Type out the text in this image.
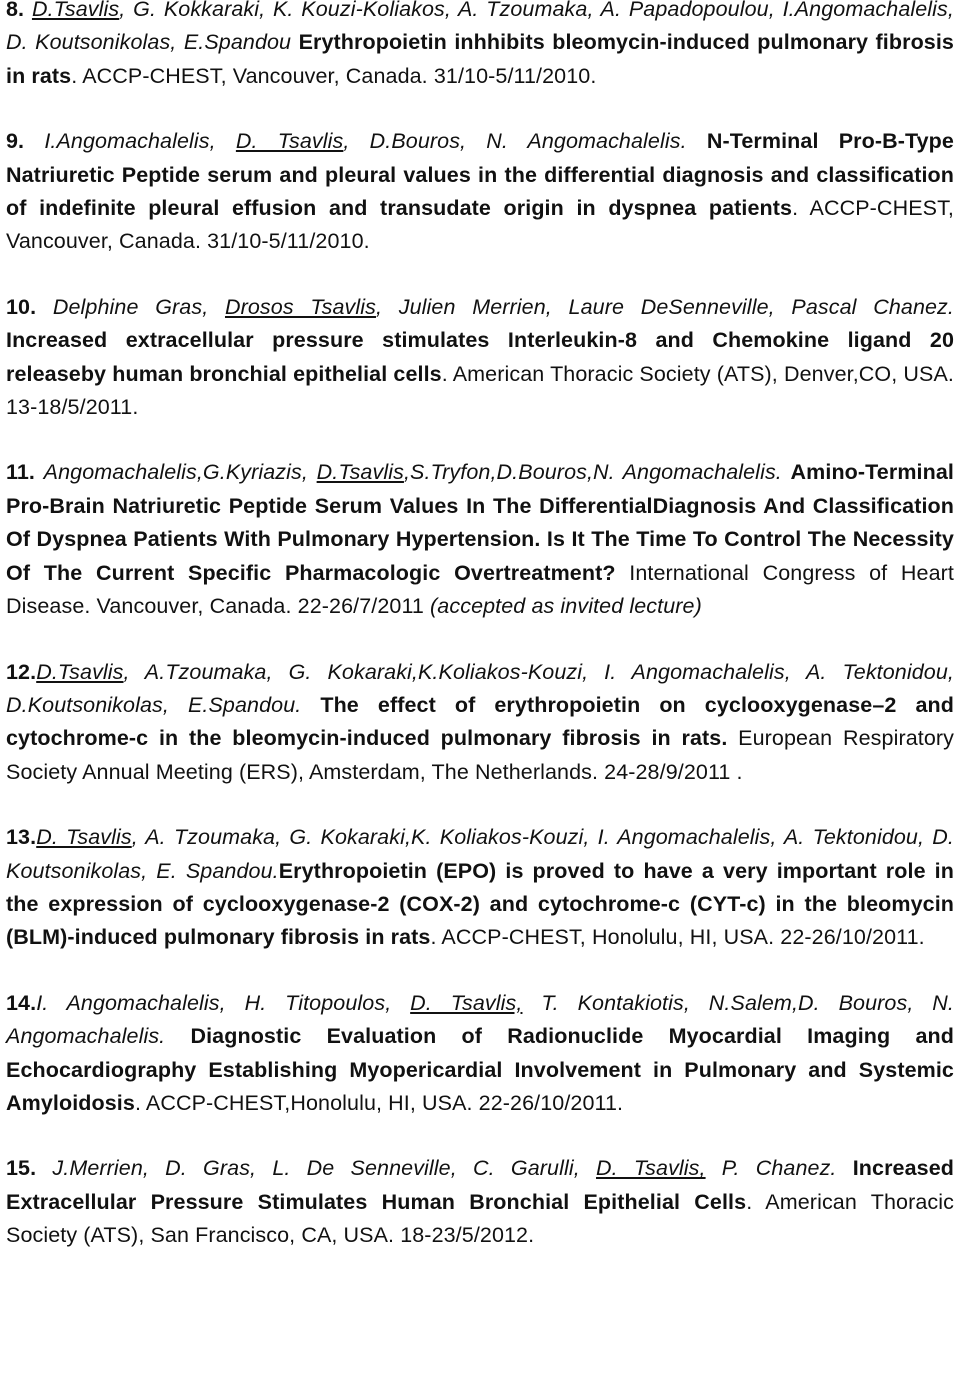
8. D.Tsavlis, G. Kokkaraki, K. Kouzi-Koliakos, A. Tzoumaka, A. Papadopoulou, I.Angomachalelis, D. Koutsonikolas, E.Spandou Erythropoietin inhhibits bleomycin-induced pulmonary fibrosis in rats. ACCP-CHEST, Vancouver, Canada. 31/10-5/11/2010.

9. I.Angomachalelis, D. Tsavlis, D.Bouros, N. Angomachalelis. N-Terminal Pro-B-Type Natriuretic Peptide serum and pleural values in the differential diagnosis and classification of indefinite pleural effusion and transudate origin in dyspnea patients. ACCP-CHEST, Vancouver, Canada. 31/10-5/11/2010.

10. Delphine Gras, Drosos Tsavlis, Julien Merrien, Laure DeSenneville, Pascal Chanez. Increased extracellular pressure stimulates Interleukin-8 and Chemokine ligand 20 releaseby human bronchial epithelial cells. American Thoracic Society (ATS), Denver,CO, USA. 13-18/5/2011.

11. Angomachalelis,G.Kyriazis, D.Tsavlis,S.Tryfon,D.Bouros,N. Angomachalelis. Amino-Terminal Pro-Brain Natriuretic Peptide Serum Values In The DifferentialDiagnosis And Classification Of Dyspnea Patients With Pulmonary Hypertension. Is It The Time To Control The Necessity Of The Current Specific Pharmacologic Overtreatment? International Congress of Heart Disease. Vancouver, Canada. 22-26/7/2011 (accepted as invited lecture)

12.D.Tsavlis, A.Tzoumaka, G. Kokaraki,K.Koliakos-Kouzi, I. Angomachalelis, A. Tektonidou, D.Koutsonikolas, E.Spandou. The effect of erythropoietin on cyclooxygenase–2 and cytochrome-c in the bleomycin-induced pulmonary fibrosis in rats. European Respiratory Society Annual Meeting (ERS), Amsterdam, The Netherlands. 24-28/9/2011 .

13.D. Tsavlis, A. Tzoumaka, G. Kokaraki,K. Koliakos-Kouzi, I. Angomachalelis, A. Tektonidou, D. Koutsonikolas, E. Spandou.Erythropoietin (EPO) is proved to have a very important role in the expression of cyclooxygenase-2 (COX-2) and cytochrome-c (CYT-c) in the bleomycin (BLM)-induced pulmonary fibrosis in rats. ACCP-CHEST, Honolulu, HI, USA. 22-26/10/2011.

14.I. Angomachalelis, H. Titopoulos, D. Tsavlis, T. Kontakiotis, N.Salem,D. Bouros, N. Angomachalelis. Diagnostic Evaluation of Radionuclide Myocardial Imaging and Echocardiography Establishing Myopericardial Involvement in Pulmonary and Systemic Amyloidosis. ACCP-CHEST,Honolulu, HI, USA. 22-26/10/2011.

15. J.Merrien, D. Gras, L. De Senneville, C. Garulli, D. Tsavlis, P. Chanez. Increased Extracellular Pressure Stimulates Human Bronchial Epithelial Cells. American Thoracic Society (ATS), San Francisco, CA, USA. 18-23/5/2012.
